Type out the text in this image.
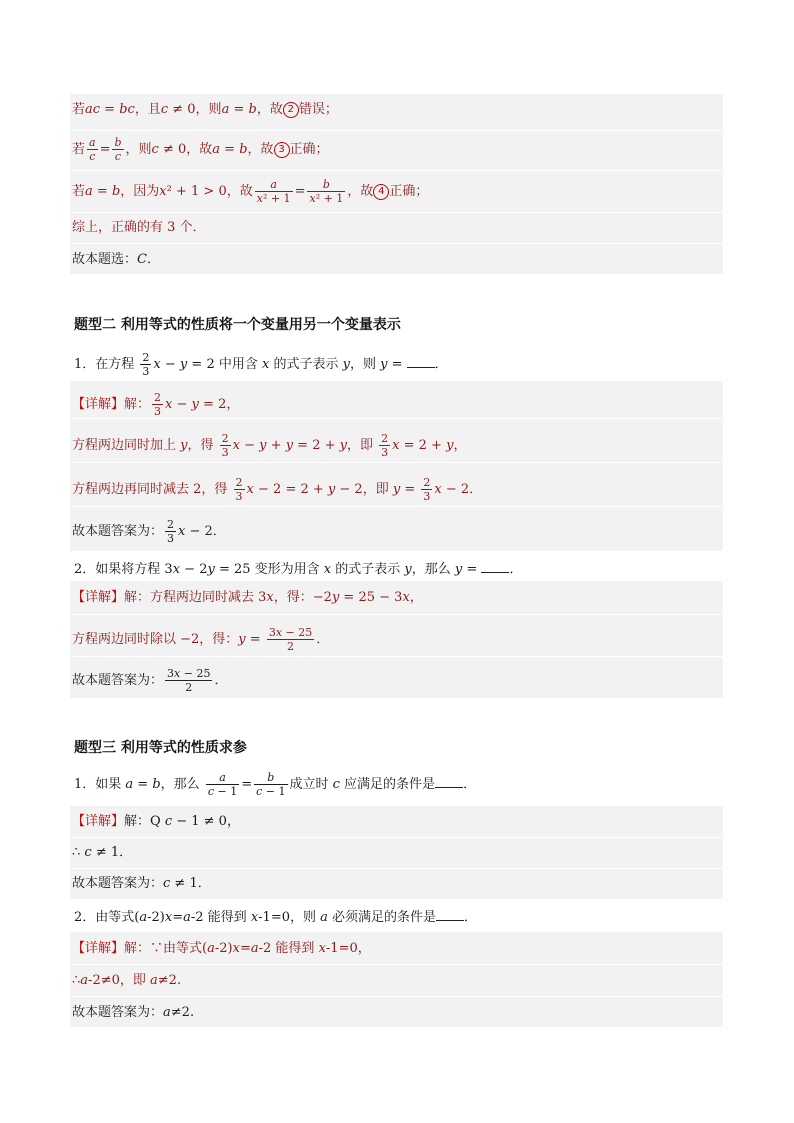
若ac = bc，且c ≠ 0，则a = b，故 2 错误；
若 $\frac{a}{c} = \frac{b}{c}$ ，则c ≠ 0，故a = b，故 3 正确；
若a = b，因为x² + 1 > 0，故 $\frac{a}{\text{x² + 1}} = \frac{b}{\text{x² + 1}}$ ，故 4 正确；
综上，正确的有 3 个．
故本题选：C．
题型二 利用等式的性质将一个变量用另一个变量表示
1．在方程 $\frac{2}{3}$ x − y = 2 中用含 x 的式子表示 y，则 y = ．
【详解】解： $\frac{2}{3}$ x − y = 2，
方程两边同时加上 y，得 $\frac{2}{3}$ x − y + y = 2 + y，即 $\frac{2}{3}$ x = 2 + y，
方程两边再同时减去 2，得 $\frac{2}{3}$ x − 2 = 2 + y − 2，即 $y = \frac{2}{3}$ x − 2．
故本题答案为： $\frac{2}{3}$ x − 2．
2．如果将方程 3x − 2y = 25 变形为用含 x 的式子表示 y，那么 y = ．
【详解】解：方程两边同时减去 3x，得：−2y = 25 − 3x，
方程两边同时除以 −2，得：$y = \frac{3x - 25}{2}$ ．
故本题答案为： $\frac{3x - 25}{2}$ ．
题型三 利用等式的性质求参
1．如果 a = b，那么 $\frac{a}{c - 1} = \frac{b}{c - 1}$ 成立时 c 应满足的条件是 ．
【详解】解：Q c − 1 ≠ 0，
∴ c ≠ 1．
故本题答案为：c ≠ 1．
2．由等式(a-2)x=a-2 能得到 x-1=0，则 a 必须满足的条件是 ．
【详解】解：∵由等式(a-2)x=a-2 能得到 x-1=0，
∴a-2≠0，即 a≠2.
故本题答案为：a≠2.
